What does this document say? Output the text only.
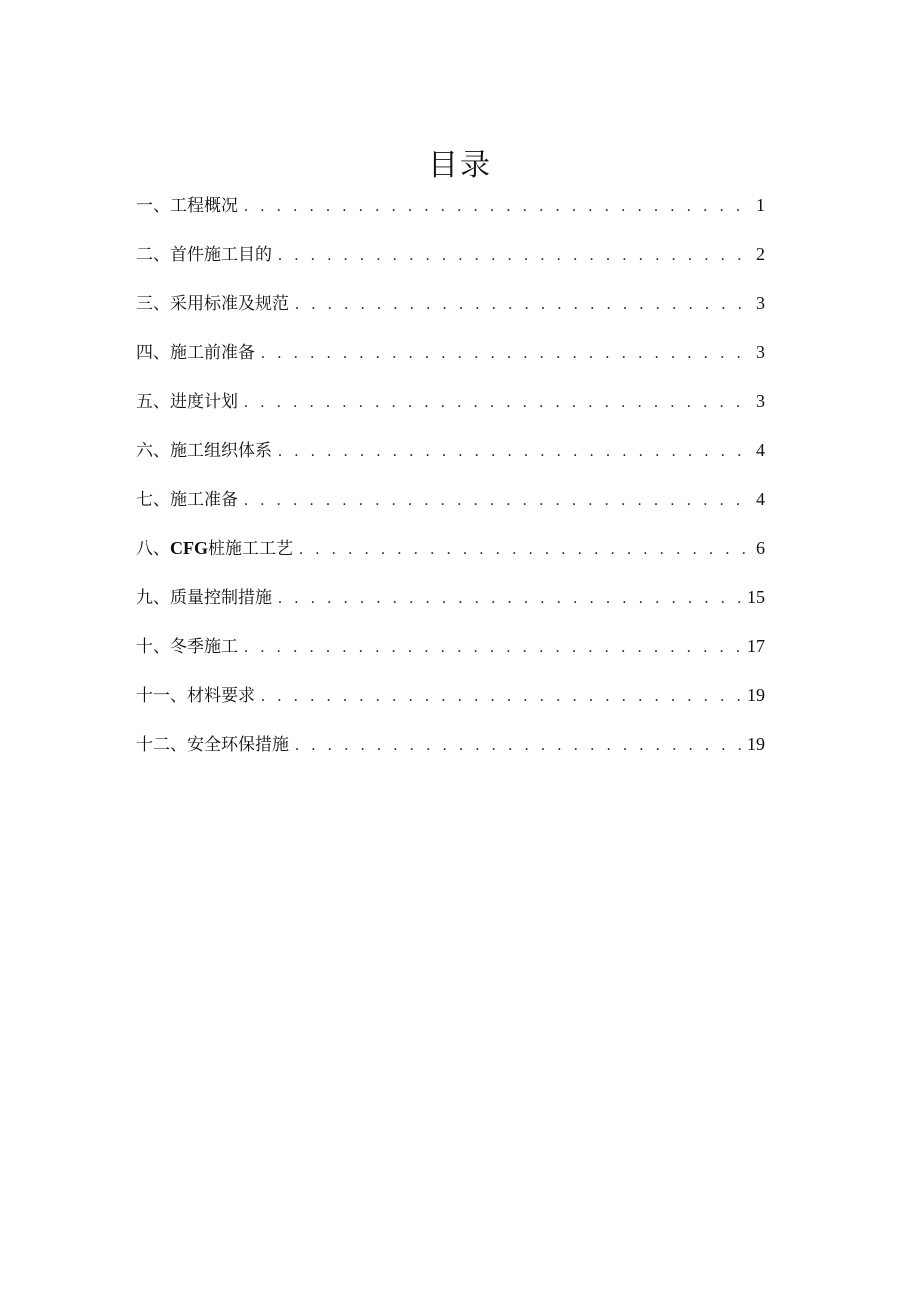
目录
一、工程概况 . . .	1
二、首件施工目的 . . .	2
三、采用标准及规范 . . .	3
四、施工前准备 . . .	3
五、进度计划 . . .	3
六、施工组织体系 . . .	4
七、施工准备 . . .	4
八、CFG桩施工工艺 . . .	6
九、质量控制措施 . . .	15
十、冬季施工 . . .	17
十一、材料要求 . . .	19
十二、安全环保措施 . . .	19
